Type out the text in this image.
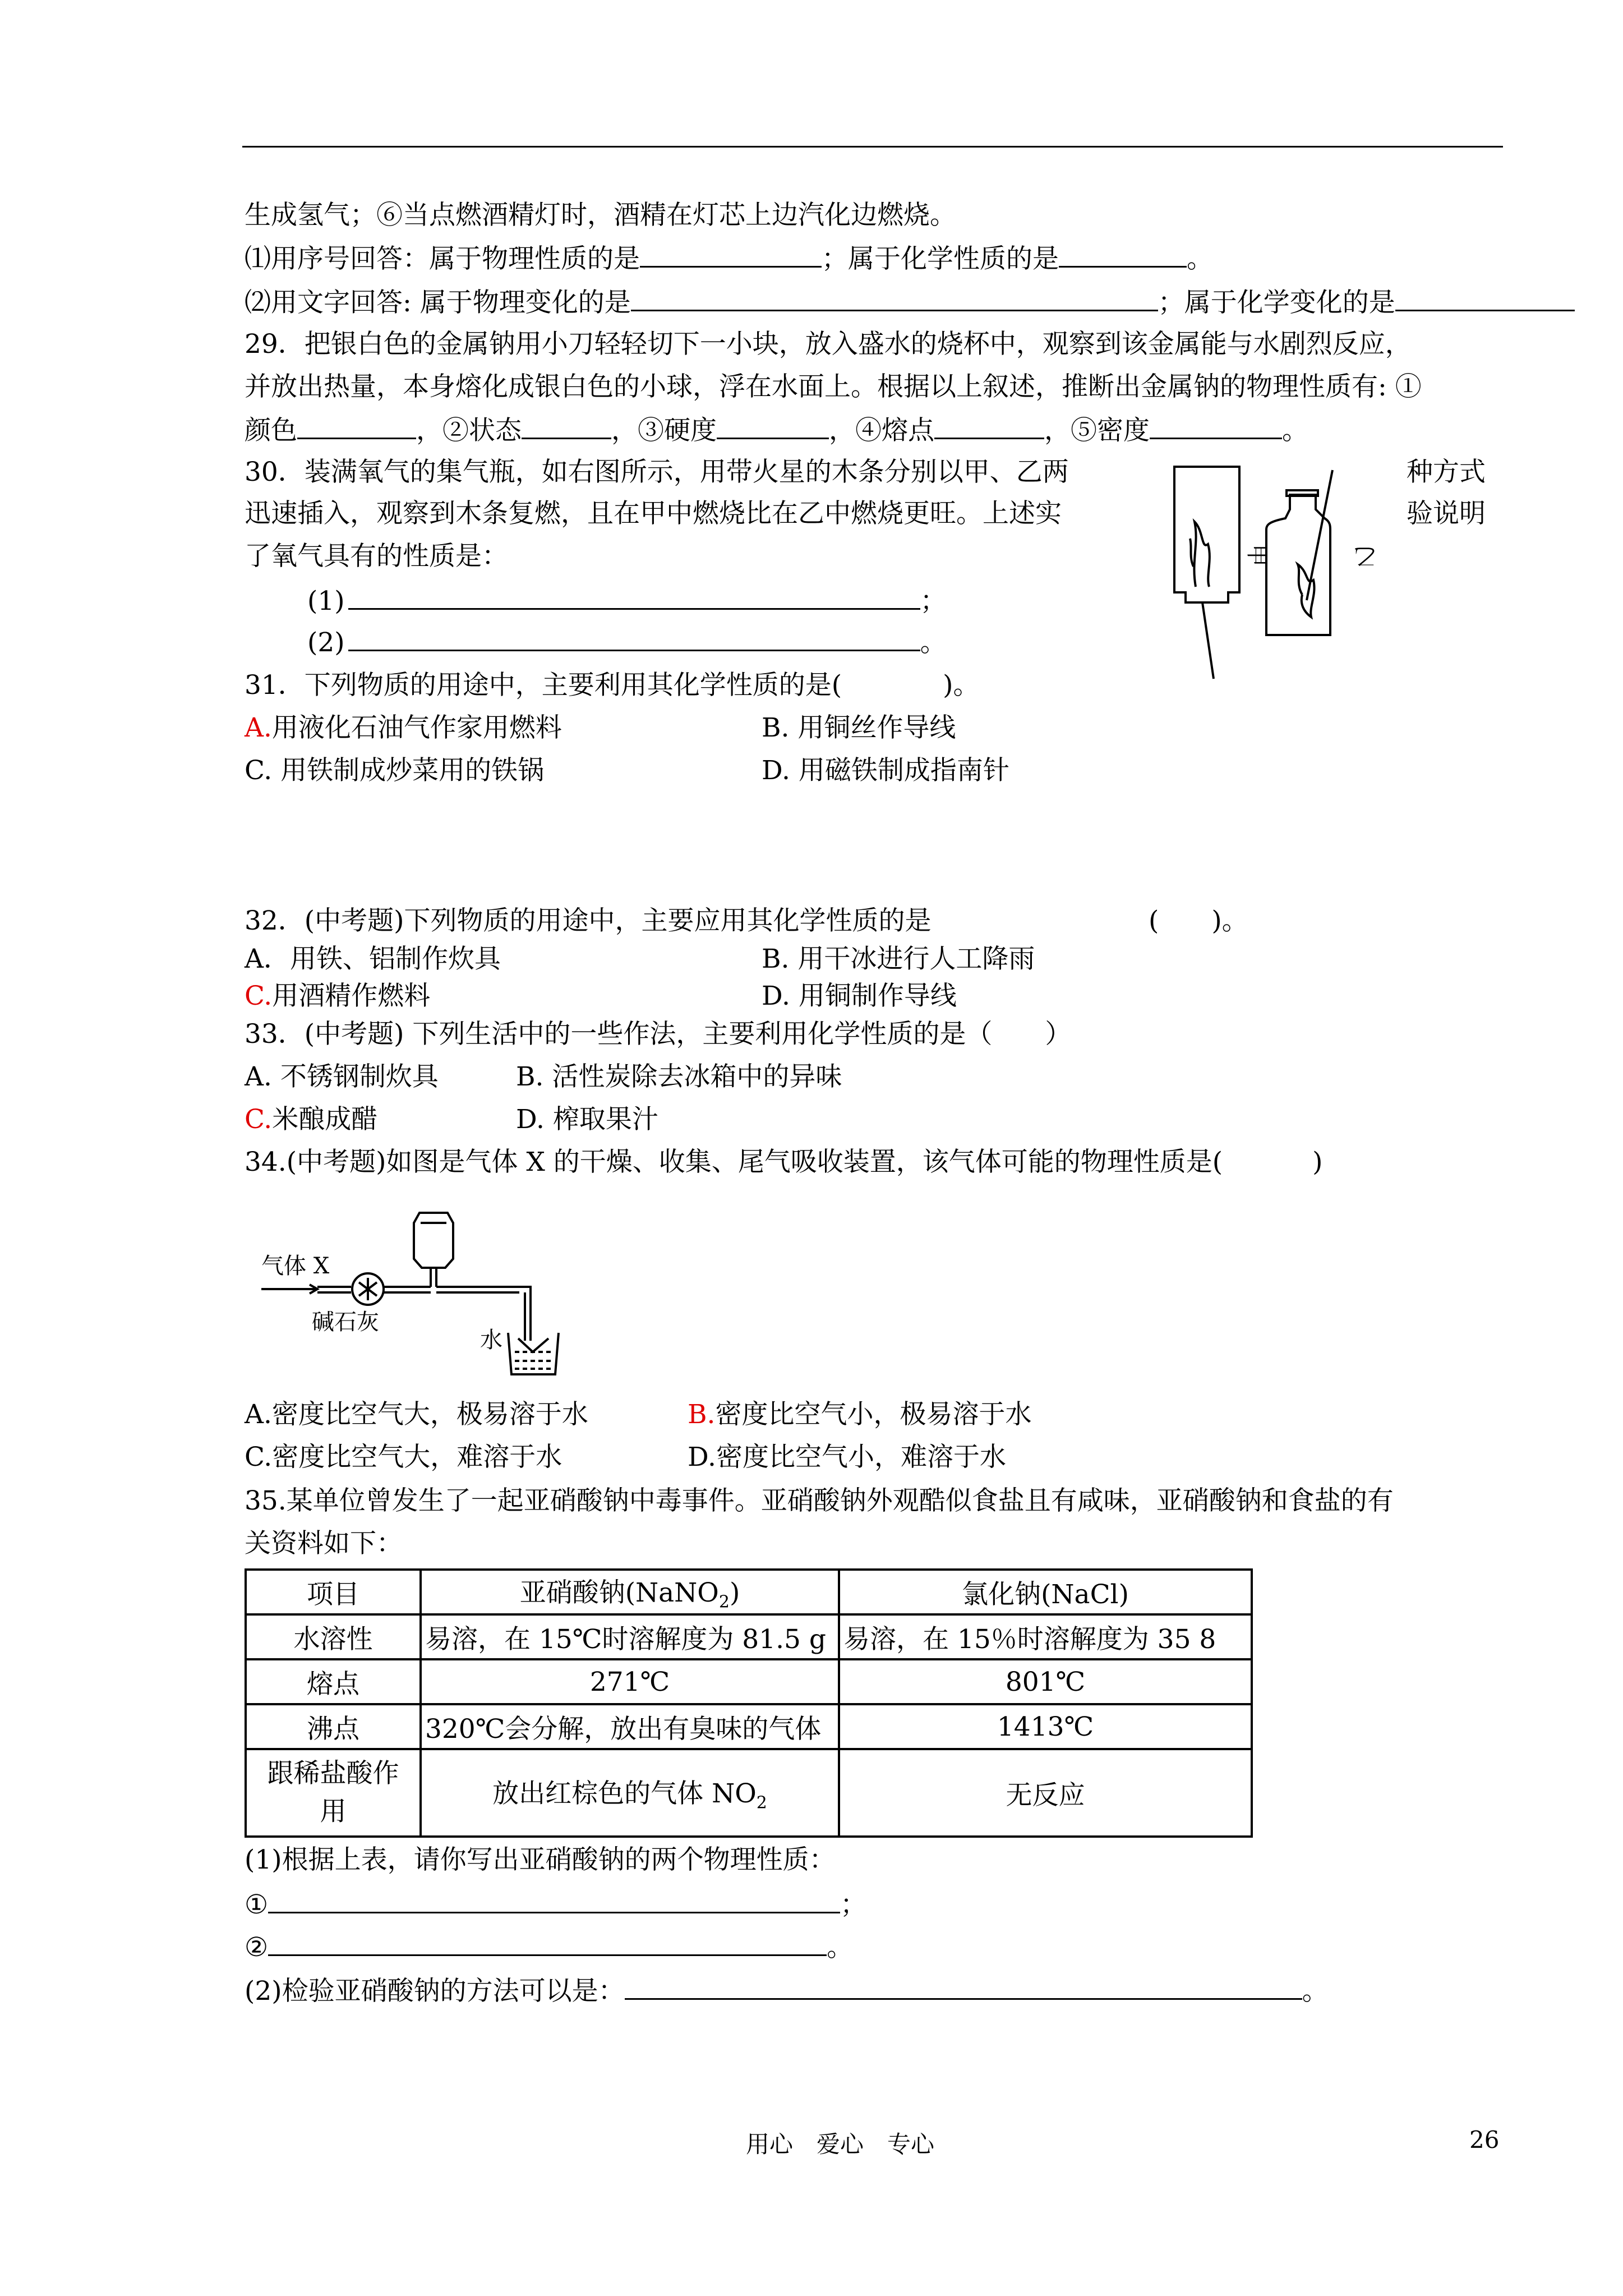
生成氢气；⑥当点燃酒精灯时，酒精在灯芯上边汽化边燃烧。
⑴用序号回答：属于物理性质的是	；属于化学性质的是	。
⑵用文字回答: 属于物理变化的是	；属于化学变化的是
29．把银白色的金属钠用小刀轻轻切下一小块，放入盛水的烧杯中，观察到该金属能与水剧烈反应，
并放出热量，本身熔化成银白色的小球，浮在水面上。根据以上叙述，推断出金属钠的物理性质有: ①
颜色	，②状态	，③硬度	，④熔点	，⑤密度	。
30．装满氧气的集气瓶，如右图所示，用带火星的木条分别以甲、乙两	种方式
迅速插入，观察到木条复燃，且在甲中燃烧比在乙中燃烧更旺。上述实	验说明
了氧气具有的性质是：
(1)	；
(2)	。
甲	乙
31．下列物质的用途中，主要利用其化学性质的是(	)。
A.用液化石油气作家用燃料	B. 用铜丝作导线
C. 用铁制成炒菜用的铁锅	D. 用磁铁制成指南针
32．(中考题)下列物质的用途中，主要应用其化学性质的是	(　　)。
A．用铁、铝制作炊具	B. 用干冰进行人工降雨
C.用酒精作燃料	D. 用铜制作导线
33．(中考题) 下列生活中的一些作法，主要利用化学性质的是（　　）
A. 不锈钢制炊具	B. 活性炭除去冰箱中的异味
C.米酿成醋	D. 榨取果汁
34.(中考题)如图是气体 X 的干燥、收集、尾气吸收装置，该气体可能的物理性质是(	)
气体 X
碱石灰
水
A.密度比空气大，极易溶于水	B.密度比空气小，极易溶于水
C.密度比空气大，难溶于水	D.密度比空气小，难溶于水
35.某单位曾发生了一起亚硝酸钠中毒事件。亚硝酸钠外观酷似食盐且有咸味，亚硝酸钠和食盐的有
关资料如下：
项目	亚硝酸钠(NaNO$_2$)	氯化钠(NaCl)
水溶性	易溶，在 15℃时溶解度为 81.5 g	易溶，在 15％时溶解度为 35 8
熔点	271℃	801℃
沸点	320℃会分解，放出有臭味的气体	1413℃
跟稀盐酸作
用	放出红棕色的气体 $NO_2$	无反应
(1)根据上表，请你写出亚硝酸钠的两个物理性质：
①	；
②	。
(2)检验亚硝酸钠的方法可以是：	。
用心　爱心　专心	26
